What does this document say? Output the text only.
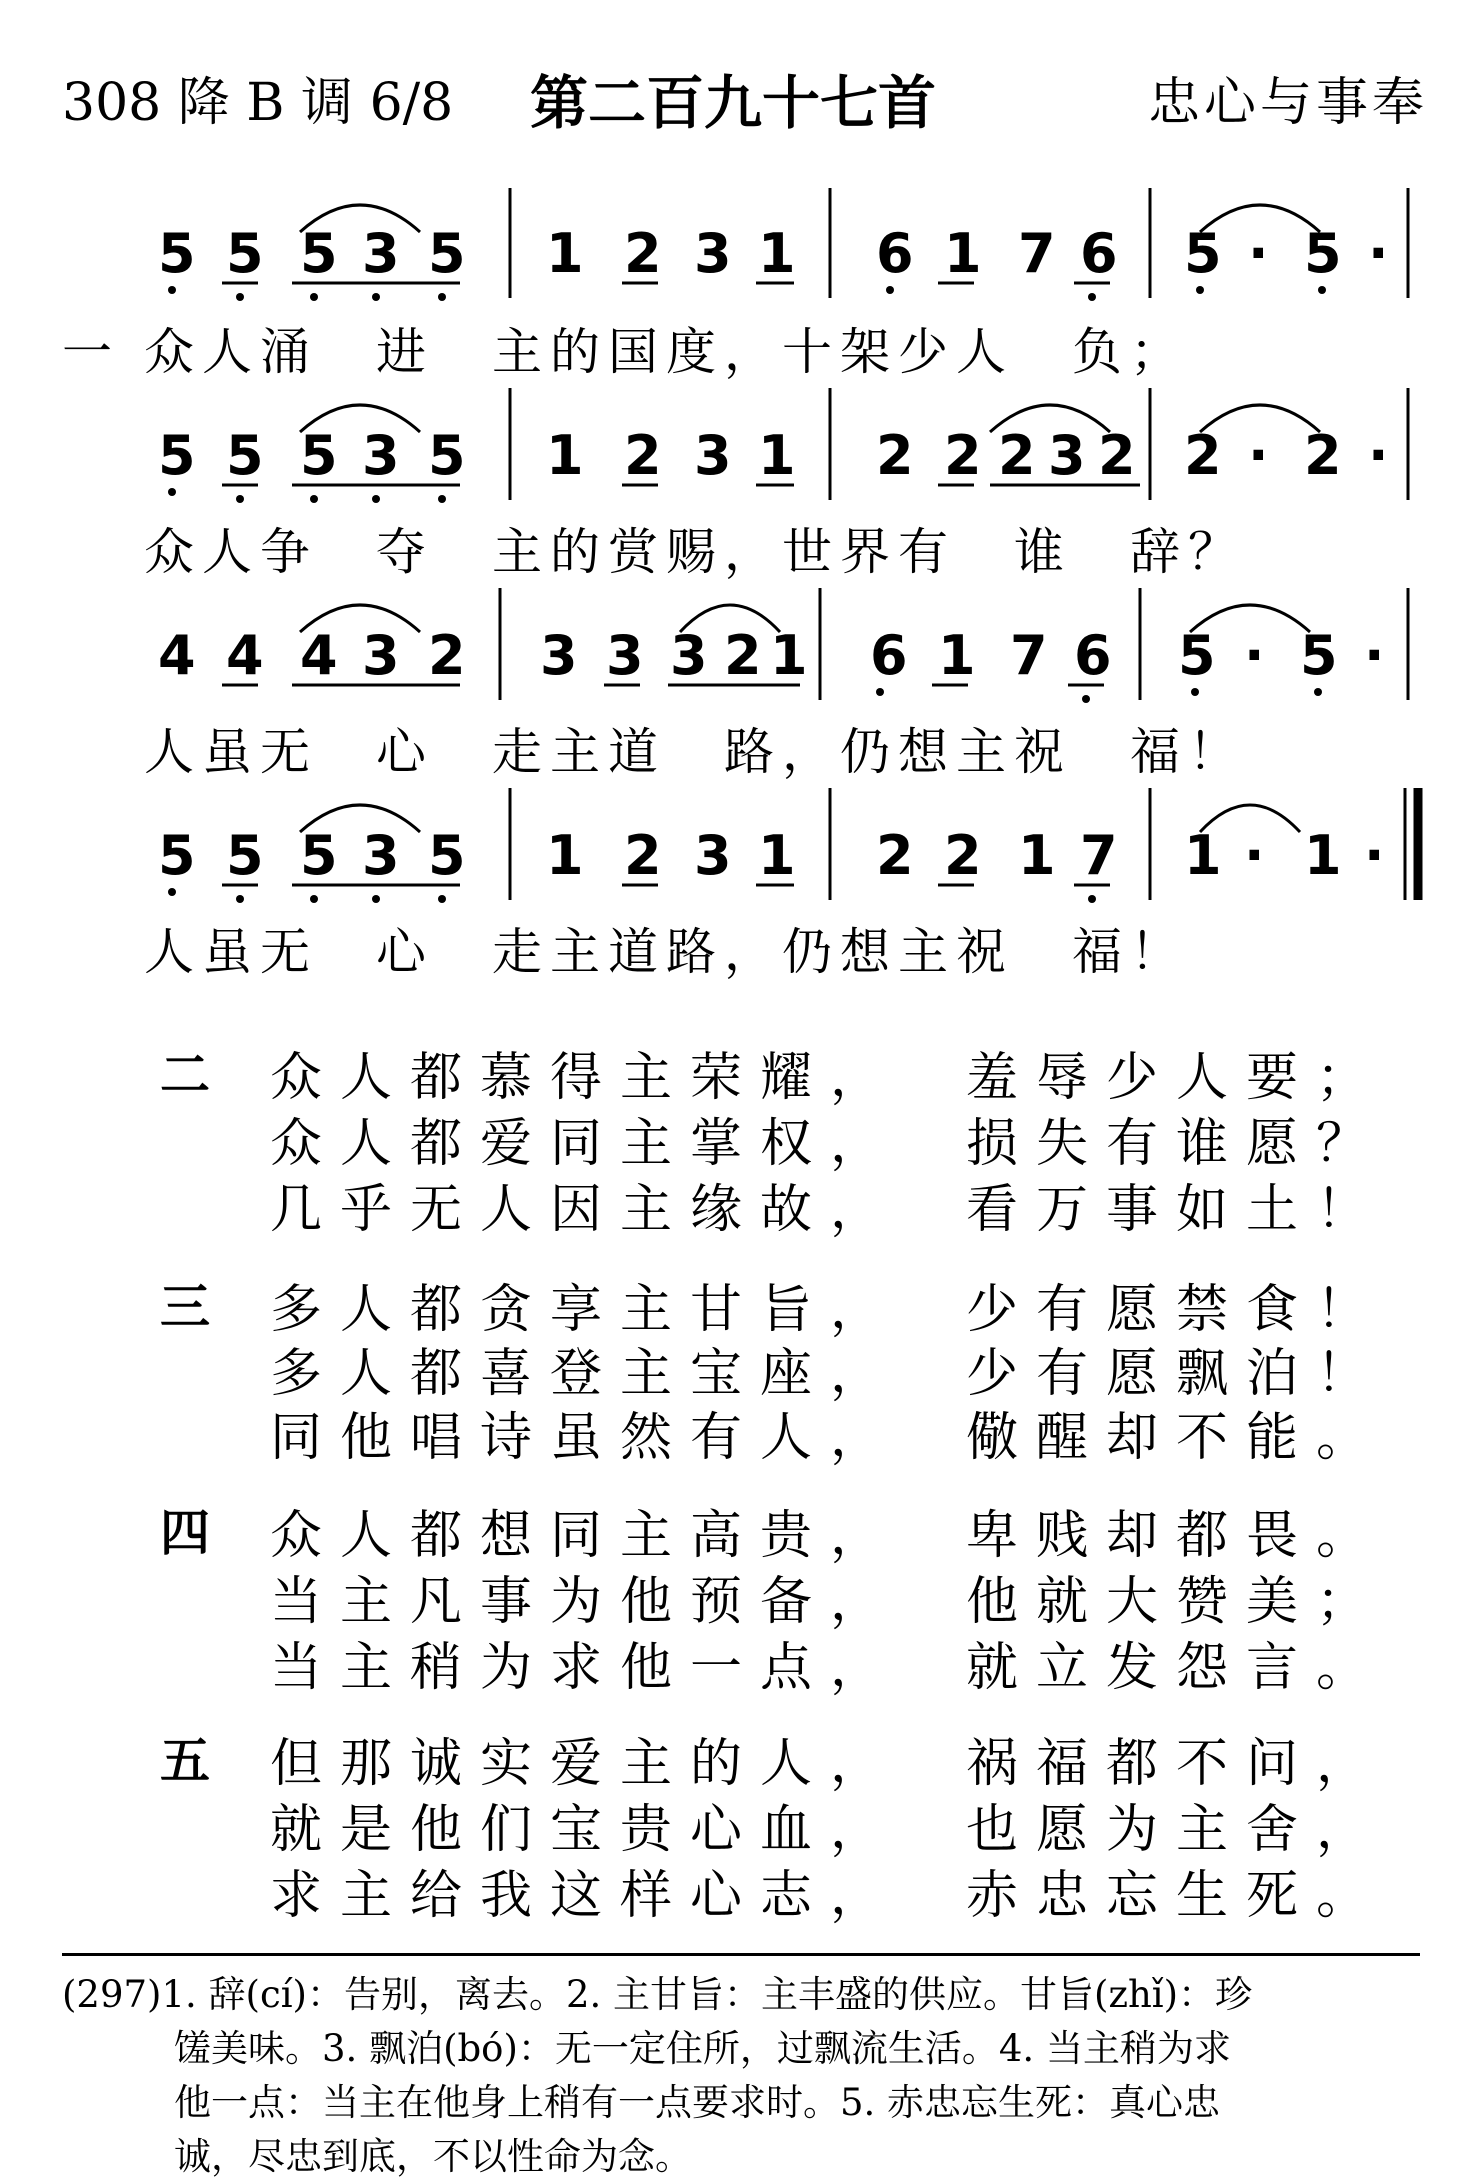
308 降 B 调 6/8 第二百九十七首	忠心与事奉
5 5 5 3 5 1 2 3 1 6 1 7 6 5 · 5 ·
一 众人涌　进　主的国度，十架少人　负；
5 5 5 3 5 1 2 3 1 2 2 2 3 2 2 · 2 ·
众人争　夺　主的赏赐，世界有　谁　辞？
4 4 4 3 2 3 3 3 2 1 6 1 7 6 5 · 5 ·
人虽无　心　走主道　路，仍想主祝　福！
5 5 5 3 5 1 2 3 1 2 2 1 7 1 · 1 ·
人虽无　心　走主道路，仍想主祝　福！
二 众人都慕得主荣耀， 羞辱少人要；
众人都爱同主掌权， 损失有谁愿？
几乎无人因主缘故， 看万事如土！
三 多人都贪享主甘旨， 少有愿禁食！
多人都喜登主宝座， 少有愿飘泊！
同他唱诗虽然有人， 儆醒却不能。
四 众人都想同主高贵， 卑贱却都畏。
当主凡事为他预备， 他就大赞美；
当主稍为求他一点， 就立发怨言。
五 但那诚实爱主的人， 祸福都不问，
就是他们宝贵心血， 也愿为主舍，
求主给我这样心志， 赤忠忘生死。
(297)1. 辞(cí)：告别，离去。2. 主甘旨：主丰盛的供应。甘旨(zhǐ)：珍
馐美味。3. 飘泊(bó)：无一定住所，过飘流生活。4. 当主稍为求
他一点：当主在他身上稍有一点要求时。5. 赤忠忘生死：真心忠
诚，尽忠到底，不以性命为念。
